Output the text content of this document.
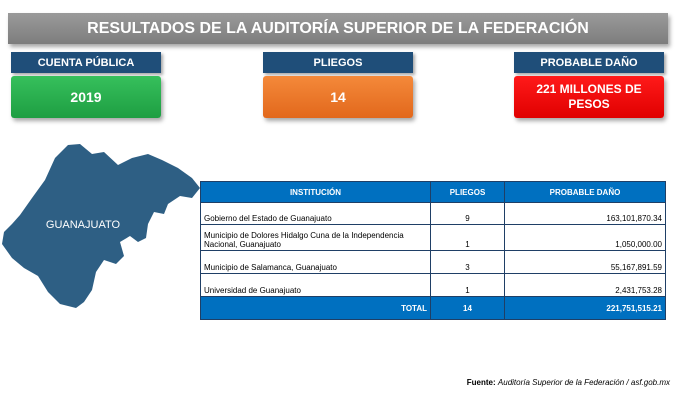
RESULTADOS DE LA AUDITORÍA SUPERIOR DE LA FEDERACIÓN
CUENTA PÚBLICA
2019
PLIEGOS
14
PROBABLE DAÑO
221 MILLONES DE PESOS
GUANAJUATO
INSTITUCIÓN	PLIEGOS	PROBABLE DAÑO
Gobierno del Estado de Guanajuato	9	163,101,870.34
Municipio de Dolores Hidalgo Cuna de la Independencia Nacional, Guanajuato	1	1,050,000.00
Municipio de Salamanca, Guanajuato	3	55,167,891.59
Universidad de Guanajuato	1	2,431,753.28
TOTAL	14	221,751,515.21
Fuente: Auditoría Superior de la Federación / asf.gob.mx
